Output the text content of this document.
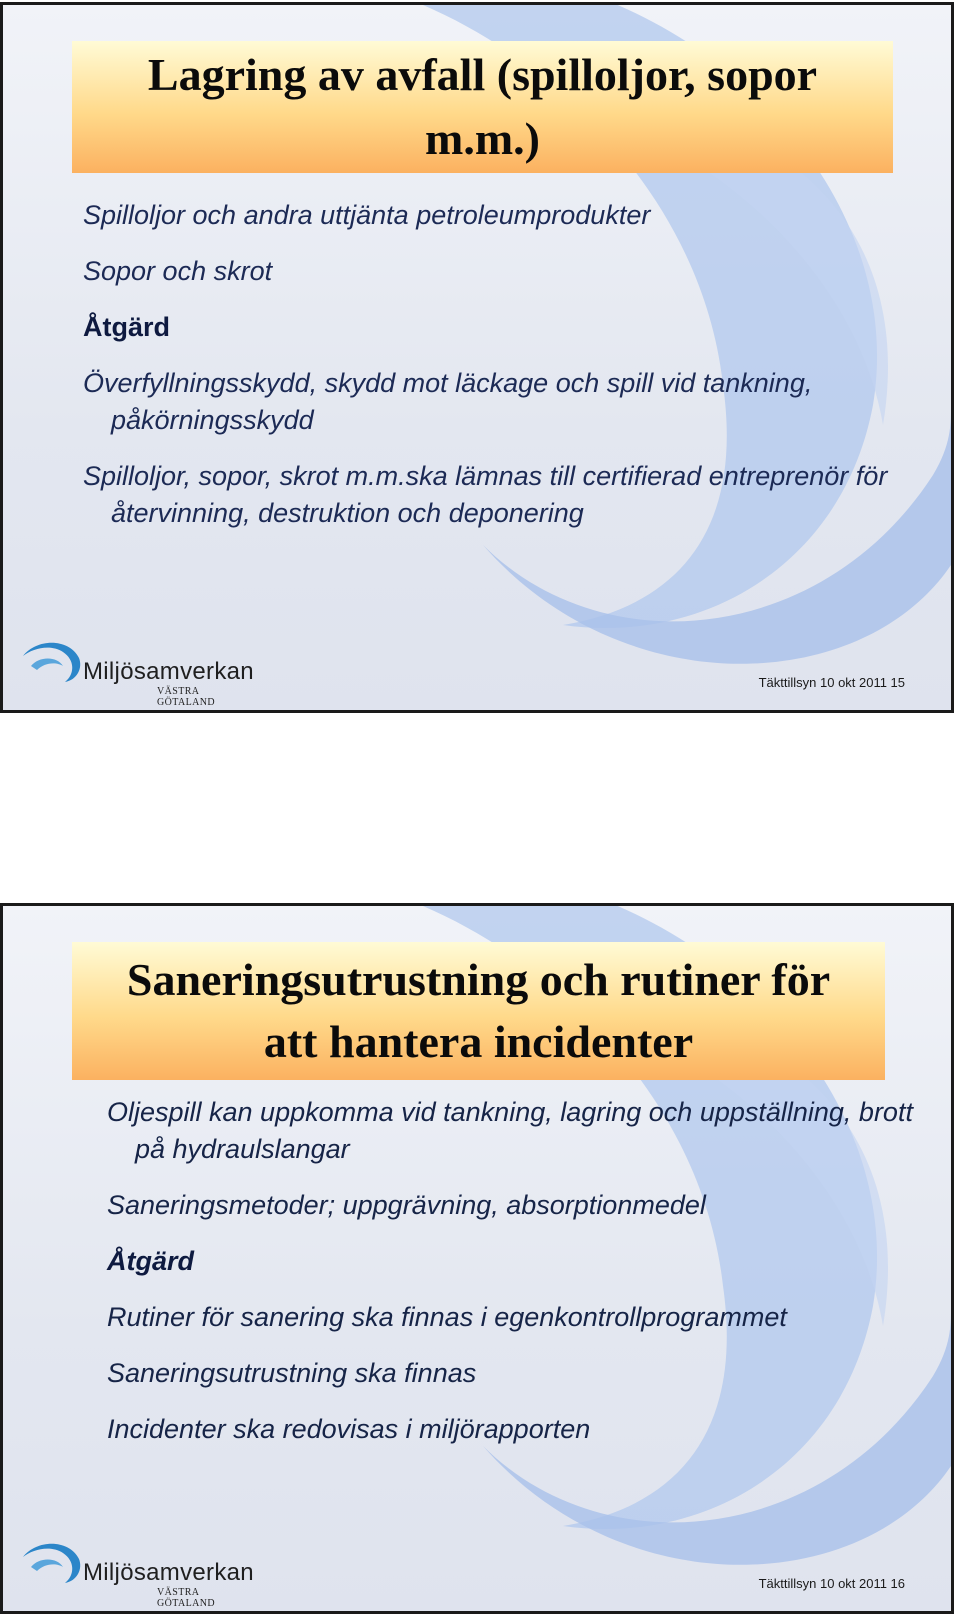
Lagring av avfall (spilloljor, sopor m.m.)
Spilloljor och andra uttjänta petroleumprodukter
Sopor och skrot
Åtgärd
Överfyllningsskydd, skydd mot läckage och spill vid tankning, påkörningsskydd
Spilloljor, sopor, skrot m.m.ska lämnas till certifierad entreprenör för återvinning, destruktion och deponering
Miljösamverkan
VÄSTRA GÖTALAND
Täkttillsyn 10 okt 2011 15
Saneringsutrustning och rutiner för att hantera incidenter
Oljespill kan uppkomma vid tankning, lagring och uppställning, brott på hydraulslangar
Saneringsmetoder; uppgrävning, absorptionmedel
Åtgärd
Rutiner för sanering ska finnas i egenkontrollprogrammet
Saneringsutrustning ska finnas
Incidenter ska redovisas i miljörapporten
Miljösamverkan
VÄSTRA GÖTALAND
Täkttillsyn 10 okt 2011 16
